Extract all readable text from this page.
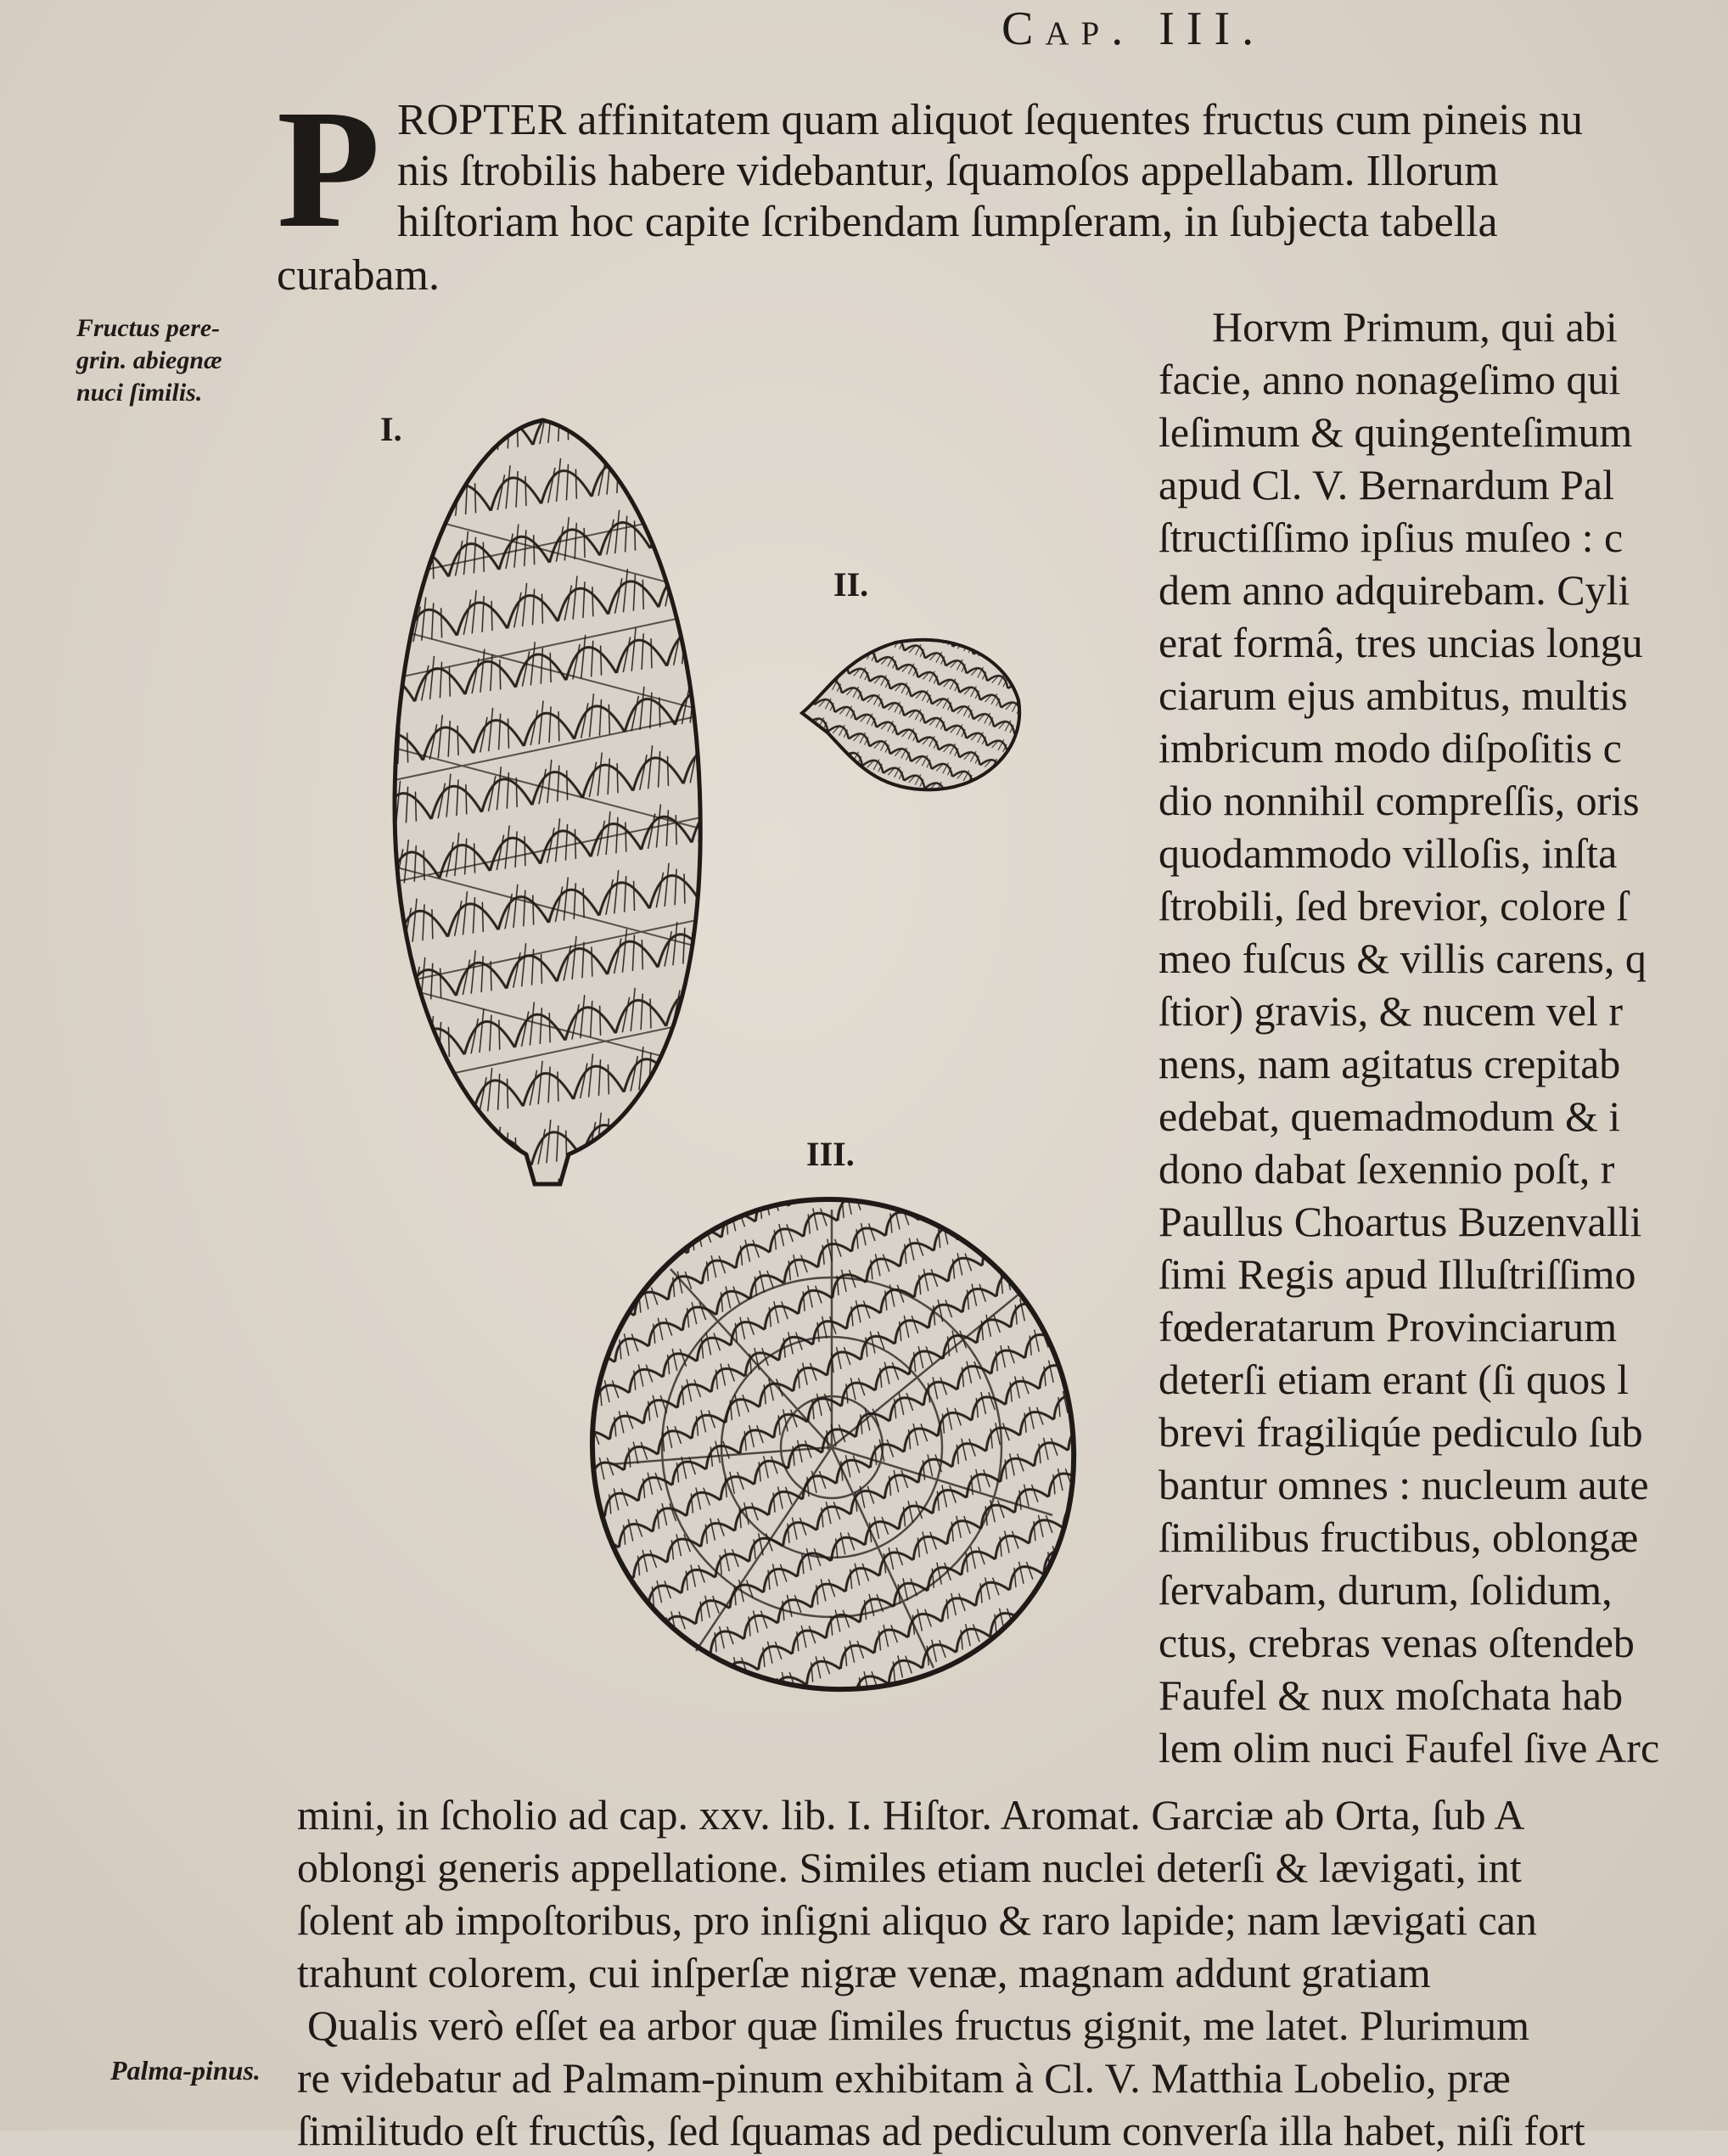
Cap. III.
P ROPTER affinitatem quam aliquot ſequentes fructus cum pineis nu
nis ſtrobilis habere videbantur, ſquamoſos appellabam. Illorum
hiſtoriam hoc capite ſcribendam ſumpſeram, in ſubjecta tabella
curabam.
Fructus pere-
grin. abiegnæ
nuci ſimilis.
Palma-pinus.
I.
II.
III.
Horvm Primum, qui abi
facie, anno nonageſimo qui
leſimum & quingenteſimum
apud Cl. V. Bernardum Pal
ſtructiſſimo ipſius muſeo : c
dem anno adquirebam. Cyli
erat formâ, tres uncias longu
ciarum ejus ambitus, multis
imbricum modo diſpoſitis c
dio nonnihil compreſſis, oris
quodammodo villoſis, inſta
ſtrobili, ſed brevior, colore ſ
meo fuſcus & villis carens, q
ſtior) gravis, & nucem vel r
nens, nam agitatus crepitab
edebat, quemadmodum & i
dono dabat ſexennio poſt, r
Paullus Choartus Buzenvalli
ſimi Regis apud Illuſtriſſimo
fœderatarum Provinciarum
deterſi etiam erant (ſi quos l
brevi fragiliqúe pediculo ſub
bantur omnes : nucleum aute
ſimilibus fructibus, oblongæ
ſervabam, durum, ſolidum,
ctus, crebras venas oſtendeb
Faufel & nux moſchata hab
lem olim nuci Faufel ſive Arc
mini, in ſcholio ad cap. xxv. lib. I. Hiſtor. Aromat. Garciæ ab Orta, ſub A
oblongi generis appellatione. Similes etiam nuclei deterſi & lævigati, int
ſolent ab impoſtoribus, pro inſigni aliquo & raro lapide; nam lævigati can
trahunt colorem, cui inſperſæ nigræ venæ, magnam addunt gratiam
Qualis verò eſſet ea arbor quæ ſimiles fructus gignit, me latet. Plurimum
re videbatur ad Palmam-pinum exhibitam à Cl. V. Matthia Lobelio, præ
ſimilitudo eſt fructûs, ſed ſquamas ad pediculum converſa illa habet, niſi fort
